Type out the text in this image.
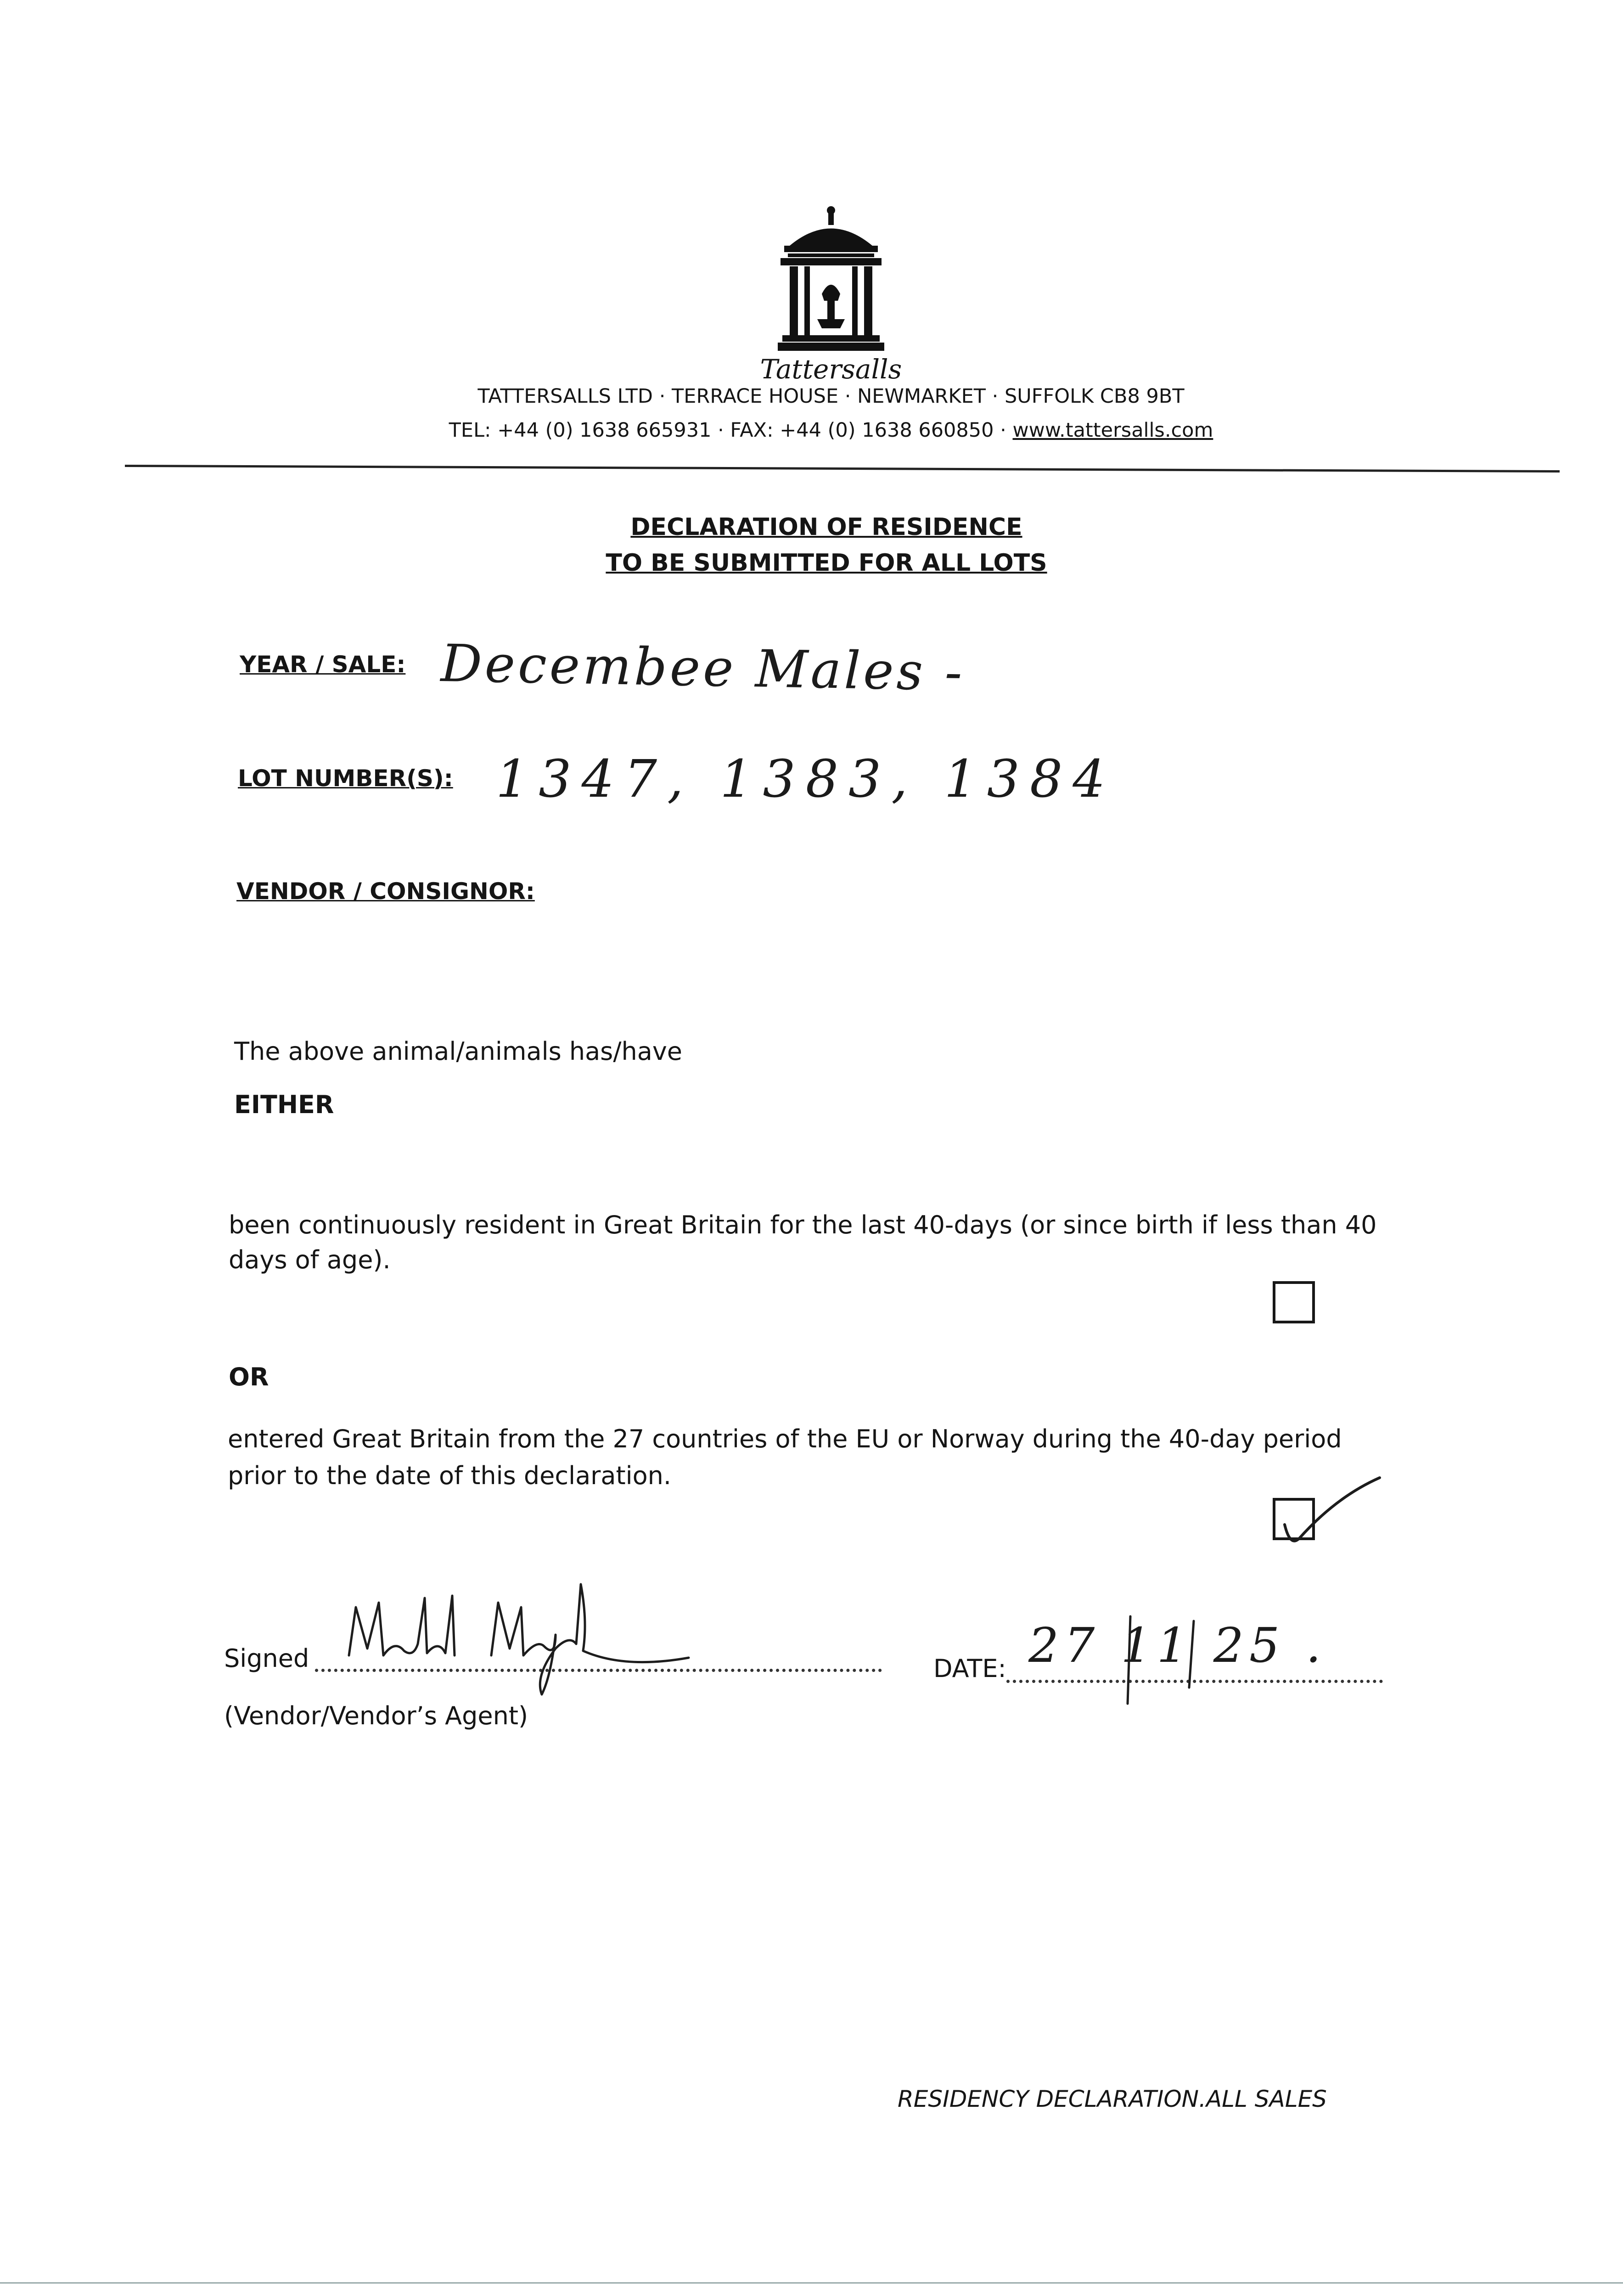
Tattersalls
TATTERSALLS LTD · TERRACE HOUSE · NEWMARKET · SUFFOLK CB8 9BT
TEL: +44 (0) 1638 665931 · FAX: +44 (0) 1638 660850 · www.tattersalls.com
DECLARATION OF RESIDENCE
TO BE SUBMITTED FOR ALL LOTS
YEAR / SALE: Decembee Males -
LOT NUMBER(S): 1347, 1383, 1384
VENDOR / CONSIGNOR:
The above animal/animals has/have
EITHER
been continuously resident in Great Britain for the last 40-days (or since birth if less than 40
days of age).
OR
entered Great Britain from the 27 countries of the EU or Norway during the 40-day period
prior to the date of this declaration.
Signed	DATE: 27 11 25 .
(Vendor/Vendor’s Agent)
RESIDENCY DECLARATION.ALL SALES
